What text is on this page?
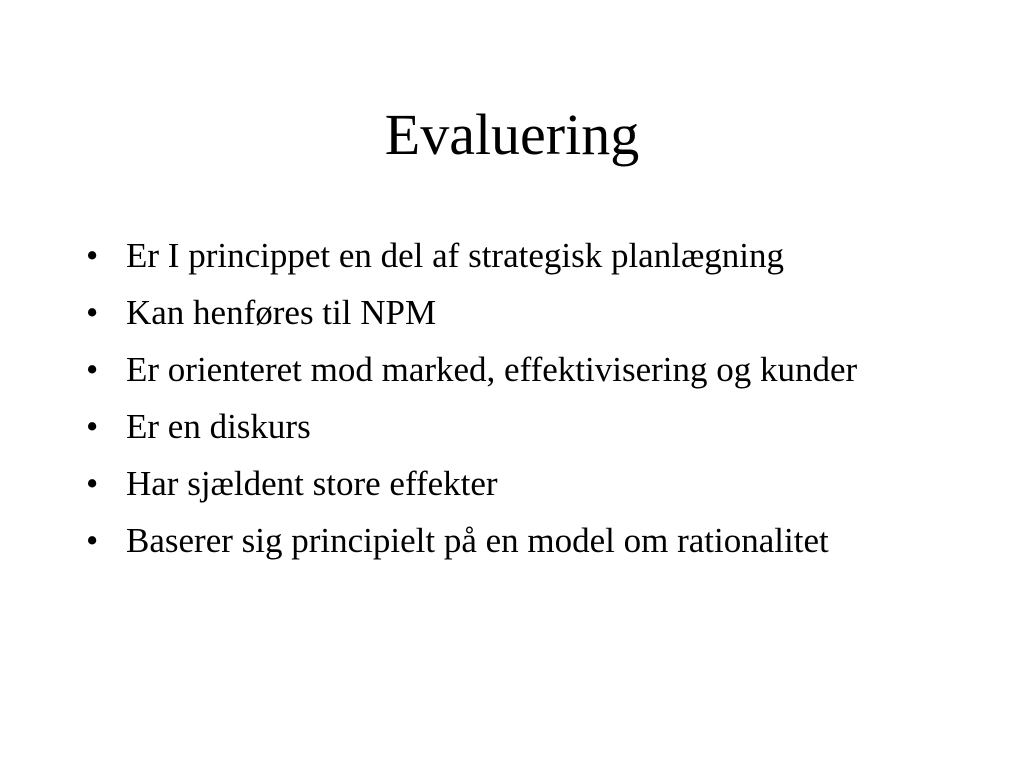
Evaluering
• Er I princippet en del af strategisk planlægning
• Kan henføres til NPM
• Er orienteret mod marked, effektivisering og kunder
• Er en diskurs
• Har sjældent store effekter
• Baserer sig principielt på en model om rationalitet
